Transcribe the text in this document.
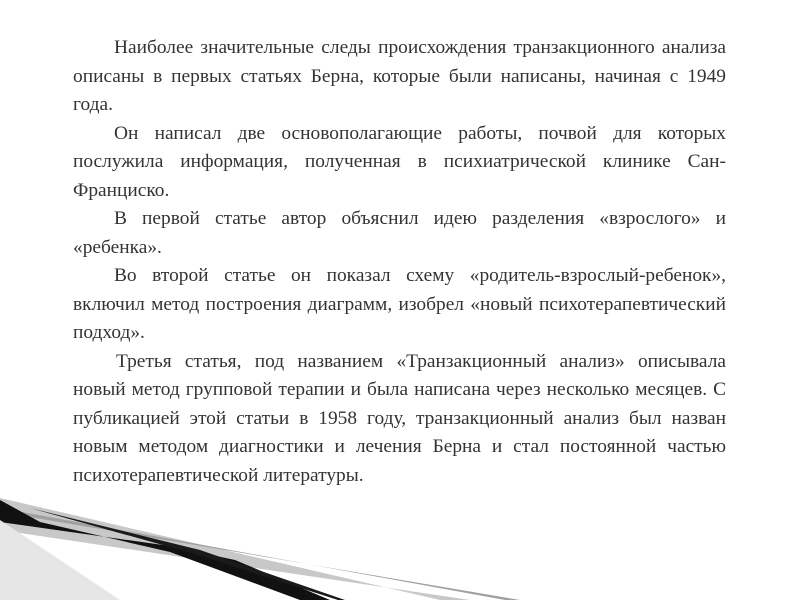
Наиболее значительные следы происхождения транзакционного анализа описаны в первых статьях Берна, которые были написаны, начиная с 1949 года.

Он написал две основополагающие работы, почвой для которых послужила информация, полученная в психиатрической клинике Сан-Франциско.

В первой статье автор объяснил идею разделения «взрослого» и «ребенка».

Во второй статье он показал схему «родитель-взрослый-ребенок», включил метод построения диаграмм, изобрел «новый психотерапевтический подход».

Третья статья, под названием «Транзакционный анализ» описывала новый метод групповой терапии и была написана через несколько месяцев. С публикацией этой статьи в 1958 году, транзакционный анализ был назван новым методом диагностики и лечения Берна и стал постоянной частью психотерапевтической литературы.
